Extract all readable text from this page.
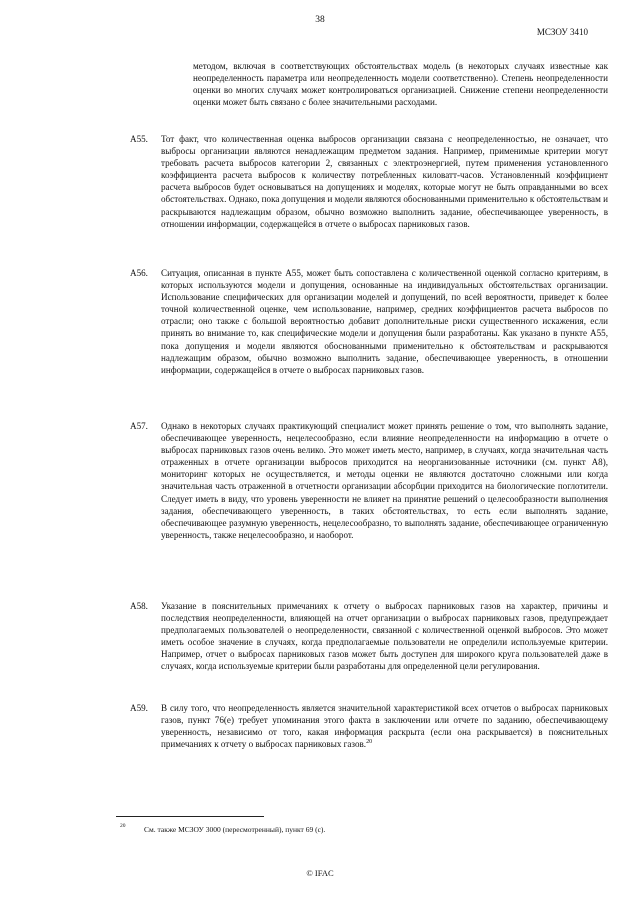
38
МСЗОУ 3410

методом, включая в соответствующих обстоятельствах модель (в некоторых случаях известные как неопределенность параметра или неопределенность модели соответственно). Степень неопределенности оценки во многих случаях может контролироваться организацией. Снижение степени неопределенности оценки может быть связано с более значительными расходами.

A55. Тот факт, что количественная оценка выбросов организации связана с неопределенностью, не означает, что выбросы организации являются ненадлежащим предметом задания. Например, применимые критерии могут требовать расчета выбросов категории 2, связанных с электроэнергией, путем применения установленного коэффициента расчета выбросов к количеству потребленных киловатт-часов. Установленный коэффициент расчета выбросов будет основываться на допущениях и моделях, которые могут не быть оправданными во всех обстоятельствах. Однако, пока допущения и модели являются обоснованными применительно к обстоятельствам и раскрываются надлежащим образом, обычно возможно выполнить задание, обеспечивающее уверенность, в отношении информации, содержащейся в отчете о выбросах парниковых газов.

A56. Ситуация, описанная в пункте A55, может быть сопоставлена с количественной оценкой согласно критериям, в которых используются модели и допущения, основанные на индивидуальных обстоятельствах организации. Использование специфических для организации моделей и допущений, по всей вероятности, приведет к более точной количественной оценке, чем использование, например, средних коэффициентов расчета выбросов по отрасли; оно также с большой вероятностью добавит дополнительные риски существенного искажения, если принять во внимание то, как специфические модели и допущения были разработаны. Как указано в пункте A55, пока допущения и модели являются обоснованными применительно к обстоятельствам и раскрываются надлежащим образом, обычно возможно выполнить задание, обеспечивающее уверенность, в отношении информации, содержащейся в отчете о выбросах парниковых газов.

A57. Однако в некоторых случаях практикующий специалист может принять решение о том, что выполнять задание, обеспечивающее уверенность, нецелесообразно, если влияние неопределенности на информацию в отчете о выбросах парниковых газов очень велико. Это может иметь место, например, в случаях, когда значительная часть отраженных в отчете организации выбросов приходится на неорганизованные источники (см. пункт A8), мониторинг которых не осуществляется, и методы оценки не являются достаточно сложными или когда значительная часть отраженной в отчетности организации абсорбции приходится на биологические поглотители. Следует иметь в виду, что уровень уверенности не влияет на принятие решений о целесообразности выполнения задания, обеспечивающего уверенность, в таких обстоятельствах, то есть если выполнять задание, обеспечивающее разумную уверенность, нецелесообразно, то выполнять задание, обеспечивающее ограниченную уверенность, также нецелесообразно, и наоборот.

A58. Указание в пояснительных примечаниях к отчету о выбросах парниковых газов на характер, причины и последствия неопределенности, влияющей на отчет организации о выбросах парниковых газов, предупреждает предполагаемых пользователей о неопределенности, связанной с количественной оценкой выбросов. Это может иметь особое значение в случаях, когда предполагаемые пользователи не определили используемые критерии. Например, отчет о выбросах парниковых газов может быть доступен для широкого круга пользователей даже в случаях, когда используемые критерии были разработаны для определенной цели регулирования.

A59. В силу того, что неопределенность является значительной характеристикой всех отчетов о выбросах парниковых газов, пункт 76(e) требует упоминания этого факта в заключении или отчете по заданию, обеспечивающему уверенность, независимо от того, какая информация раскрыта (если она раскрывается) в пояснительных примечаниях к отчету о выбросах парниковых газов.$^{20}$

20 См. также МСЗОУ 3000 (пересмотренный), пункт 69 (с).
© IFAC
